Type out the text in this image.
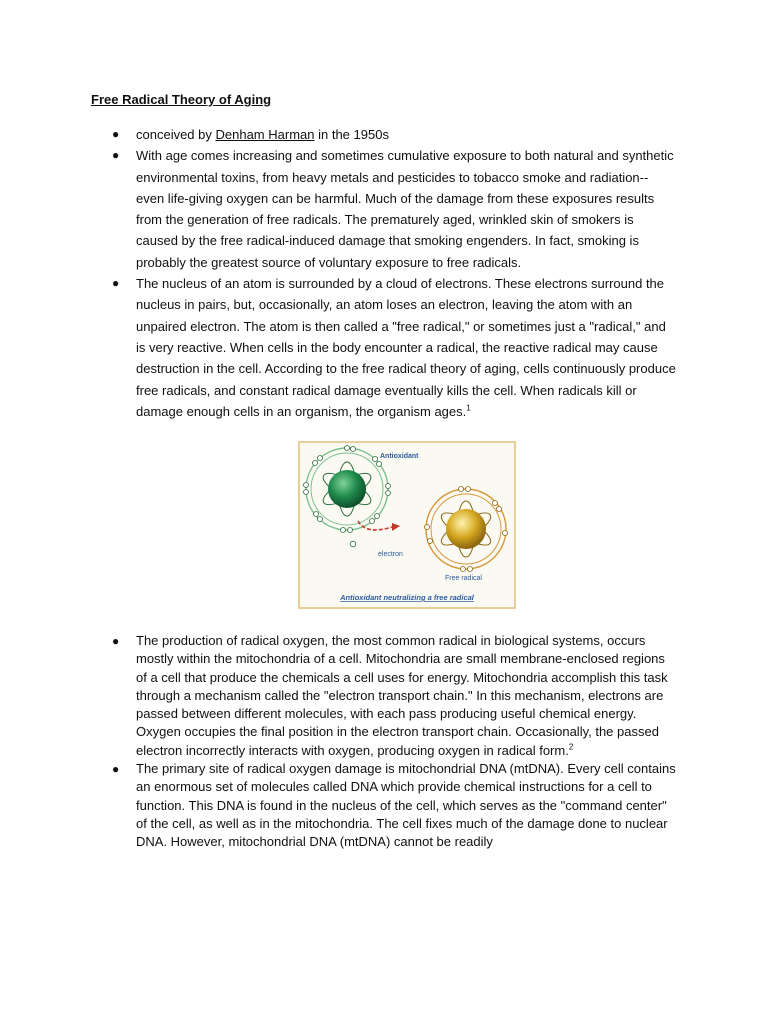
Free Radical Theory of Aging
● conceived by Denham Harman in the 1950s
● With age comes increasing and sometimes cumulative exposure to both natural and synthetic environmental toxins, from heavy metals and pesticides to tobacco smoke and radiation--even life-giving oxygen can be harmful. Much of the damage from these exposures results from the generation of free radicals. The prematurely aged, wrinkled skin of smokers is caused by the free radical-induced damage that smoking engenders. In fact, smoking is probably the greatest source of voluntary exposure to free radicals.
● The nucleus of an atom is surrounded by a cloud of electrons. These electrons surround the nucleus in pairs, but, occasionally, an atom loses an electron, leaving the atom with an unpaired electron. The atom is then called a "free radical," or sometimes just a "radical," and is very reactive. When cells in the body encounter a radical, the reactive radical may cause destruction in the cell. According to the free radical theory of aging, cells continuously produce free radicals, and constant radical damage eventually kills the cell. When radicals kill or damage enough cells in an organism, the organism ages.$^1$
Antioxidant
electron
Free radical
Antioxidant neutralizing a free radical
● The production of radical oxygen, the most common radical in biological systems, occurs mostly within the mitochondria of a cell. Mitochondria are small membrane-enclosed regions of a cell that produce the chemicals a cell uses for energy. Mitochondria accomplish this task through a mechanism called the "electron transport chain." In this mechanism, electrons are passed between different molecules, with each pass producing useful chemical energy. Oxygen occupies the final position in the electron transport chain. Occasionally, the passed electron incorrectly interacts with oxygen, producing oxygen in radical form.$^2$
● The primary site of radical oxygen damage is mitochondrial DNA (mtDNA). Every cell contains an enormous set of molecules called DNA which provide chemical instructions for a cell to function. This DNA is found in the nucleus of the cell, which serves as the "command center" of the cell, as well as in the mitochondria. The cell fixes much of the damage done to nuclear DNA. However, mitochondrial DNA (mtDNA) cannot be readily
